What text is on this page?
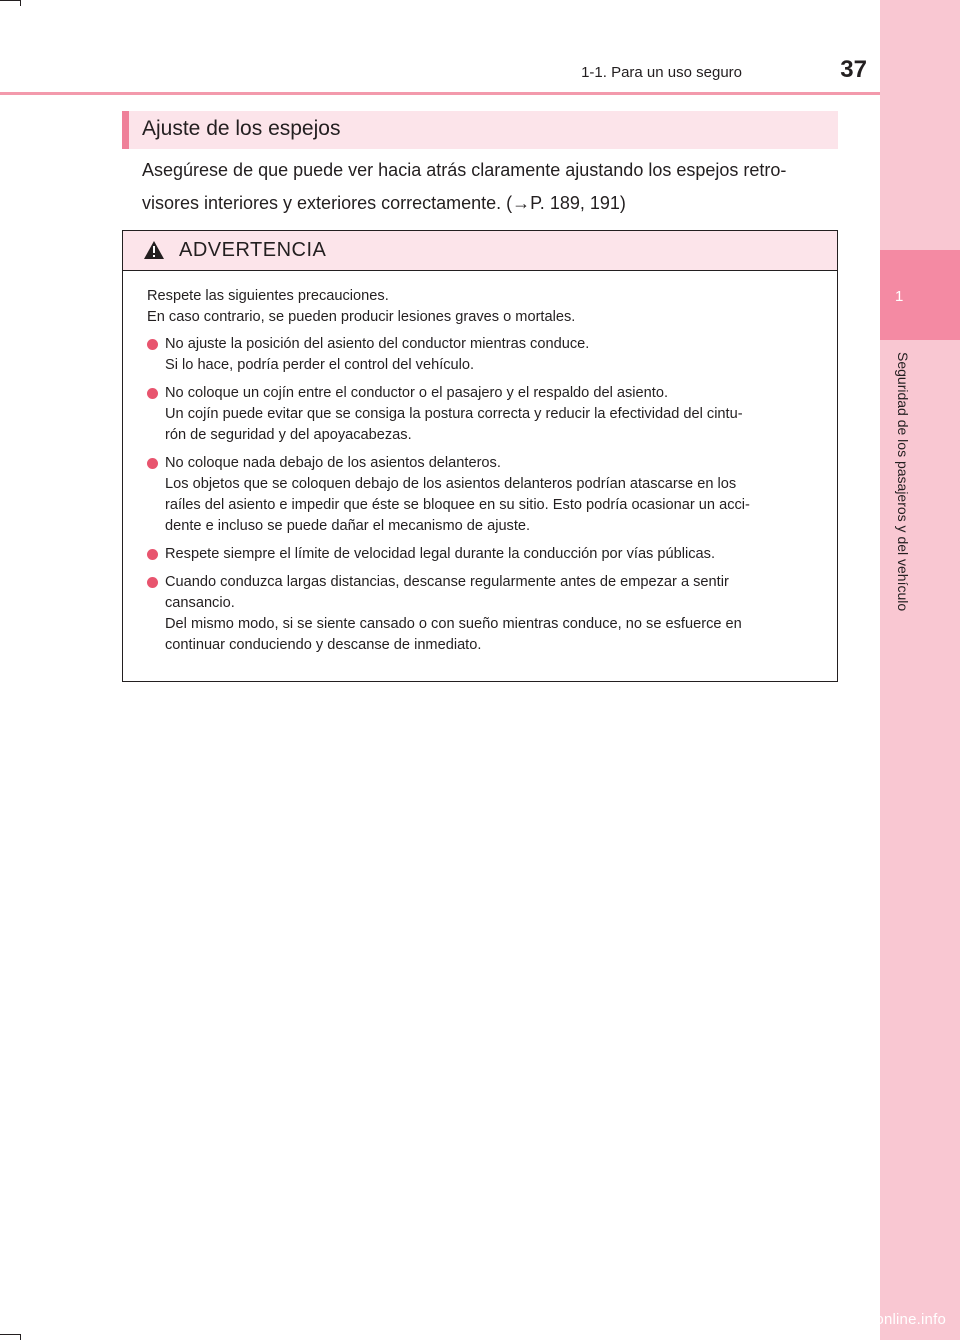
1
Seguridad de los pasajeros y del vehículo
1-1. Para un uso seguro	37
Ajuste de los espejos
Asegúrese de que puede ver hacia atrás claramente ajustando los espejos retro-
visores interiores y exteriores correctamente. (→P. 189, 191)
ADVERTENCIA

Respete las siguientes precauciones.
En caso contrario, se pueden producir lesiones graves o mortales.

No ajuste la posición del asiento del conductor mientras conduce.
Si lo hace, podría perder el control del vehículo.
No coloque un cojín entre el conductor o el pasajero y el respaldo del asiento.
Un cojín puede evitar que se consiga la postura correcta y reducir la efectividad del cintu-
rón de seguridad y del apoyacabezas.
No coloque nada debajo de los asientos delanteros.
Los objetos que se coloquen debajo de los asientos delanteros podrían atascarse en los
raíles del asiento e impedir que éste se bloquee en su sitio. Esto podría ocasionar un acci-
dente e incluso se puede dañar el mecanismo de ajuste.
Respete siempre el límite de velocidad legal durante la conducción por vías públicas.
Cuando conduzca largas distancias, descanse regularmente antes de empezar a sentir
cansancio.
Del mismo modo, si se siente cansado o con sueño mientras conduce, no se esfuerce en
continuar conduciendo y descanse de inmediato.
carmanualsonline.info
